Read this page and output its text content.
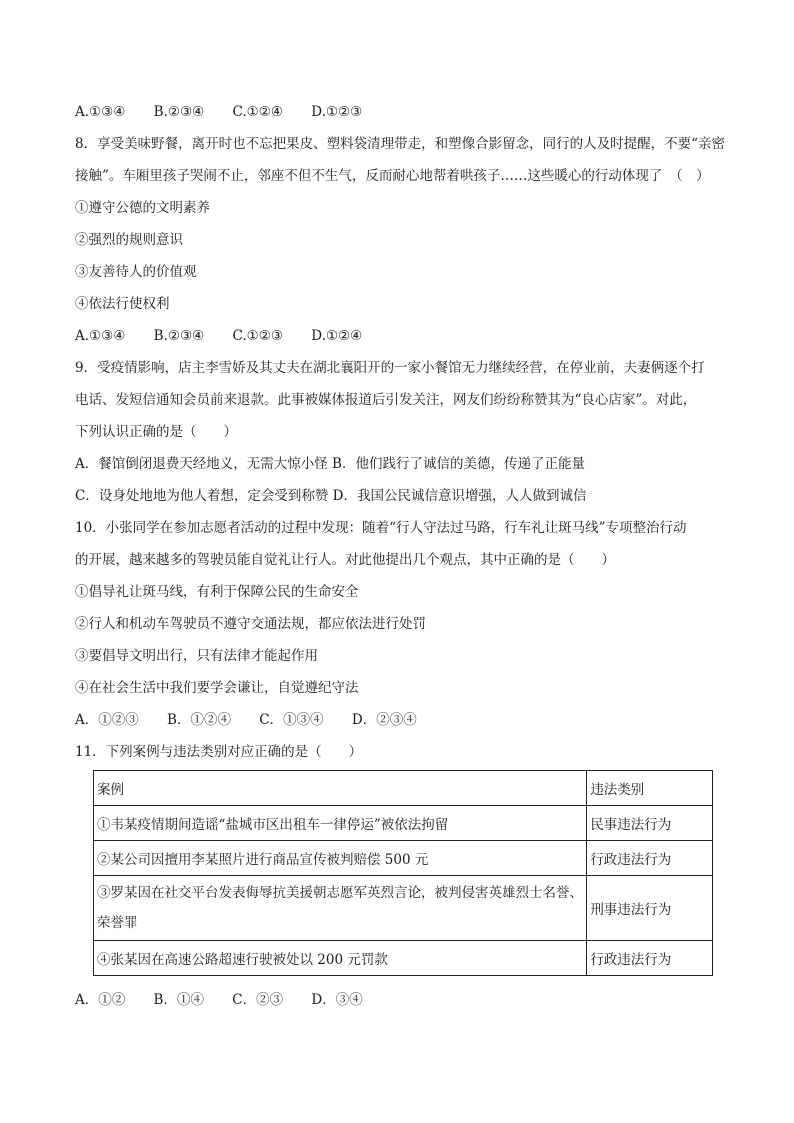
A.①③④ B.②③④ C.①②④ D.①②③
8．享受美味野餐，离开时也不忘把果皮、塑料袋清理带走，和塑像合影留念，同行的人及时提醒，不要“亲密
接触”。车厢里孩子哭闹不止，邻座不但不生气，反而耐心地帮着哄孩子……这些暖心的行动体现了　（　）
①遵守公德的文明素养
②强烈的规则意识
③友善待人的价值观
④依法行使权利
A.①③④ B.②③④ C.①②③ D.①②④
9．受疫情影响，店主李雪娇及其丈夫在湖北襄阳开的一家小餐馆无力继续经营，在停业前，夫妻俩逐个打
电话、发短信通知会员前来退款。此事被媒体报道后引发关注，网友们纷纷称赞其为“良心店家”。对此，
下列认识正确的是（　　）
A．餐馆倒闭退费天经地义，无需大惊小怪 B．他们践行了诚信的美德，传递了正能量
C．设身处地地为他人着想，定会受到称赞 D．我国公民诚信意识增强，人人做到诚信
10．小张同学在参加志愿者活动的过程中发现：随着“行人守法过马路，行车礼让斑马线”专项整治行动
的开展，越来越多的驾驶员能自觉礼让行人。对此他提出几个观点，其中正确的是（　　）
①倡导礼让斑马线，有利于保障公民的生命安全
②行人和机动车驾驶员不遵守交通法规，都应依法进行处罚
③要倡导文明出行，只有法律才能起作用
④在社会生活中我们要学会谦让，自觉遵纪守法
A．①②③ B．①②④ C．①③④ D．②③④
11．下列案例与违法类别对应正确的是（　　）
案例	违法类别
①韦某疫情期间造谣“盐城市区出租车一律停运”被依法拘留	民事违法行为
②某公司因擅用李某照片进行商品宣传被判赔偿 500 元	行政违法行为
③罗某因在社交平台发表侮辱抗美援朝志愿军英烈言论，被判侵害英雄烈士名誉、荣誉罪	刑事违法行为
④张某因在高速公路超速行驶被处以 200 元罚款	行政违法行为
A．①② B．①④ C．②③ D．③④
